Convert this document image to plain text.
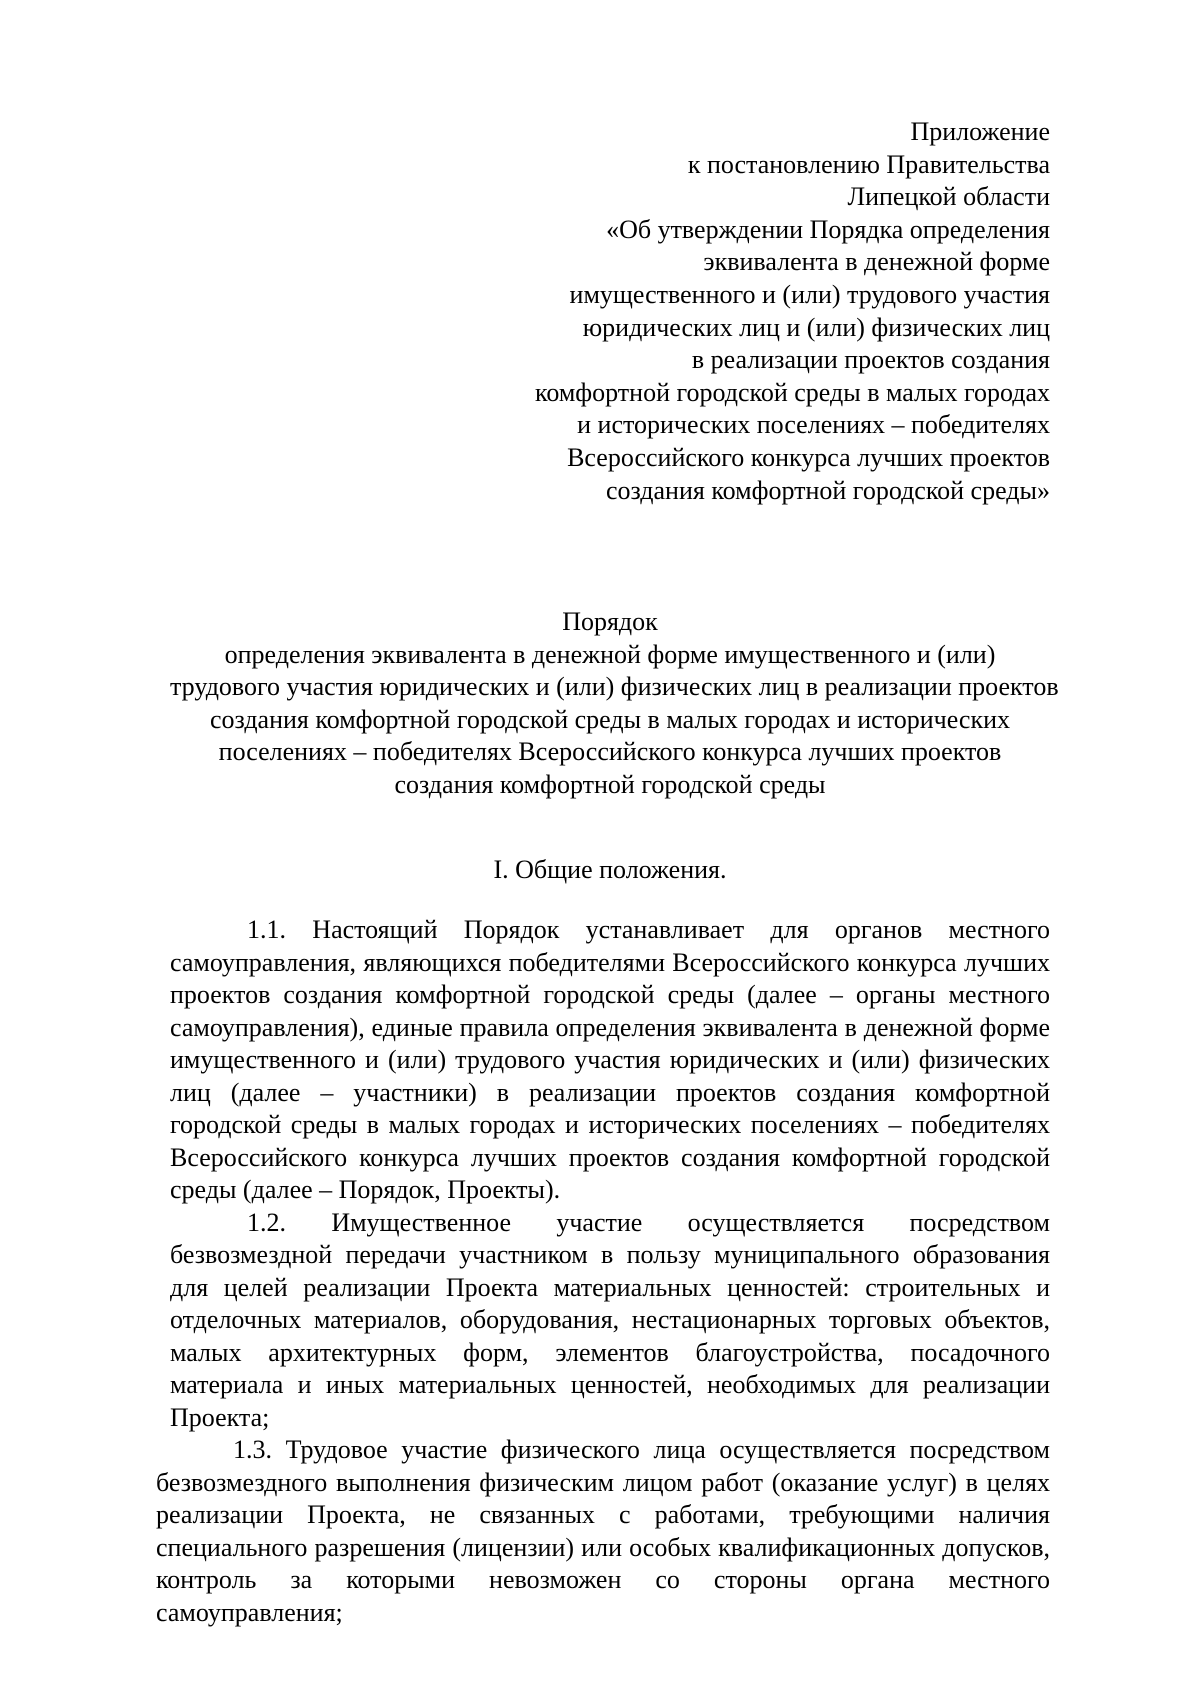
Приложение
к постановлению Правительства
Липецкой области
«Об утверждении Порядка определения
эквивалента в денежной форме
имущественного и (или) трудового участия
юридических лиц и (или) физических лиц
в реализации проектов создания
комфортной городской среды в малых городах
и исторических поселениях – победителях
Всероссийского конкурса лучших проектов
создания комфортной городской среды»
Порядок
определения эквивалента в денежной форме имущественного и (или)
трудового участия юридических и (или) физических лиц в реализации проектов
создания комфортной городской среды в малых городах и исторических
поселениях – победителях Всероссийского конкурса лучших проектов
создания комфортной городской среды
I. Общие положения.

1.1. Настоящий Порядок устанавливает для органов местного самоуправления, являющихся победителями Всероссийского конкурса лучших проектов создания комфортной городской среды (далее – органы местного самоуправления), единые правила определения эквивалента в денежной форме имущественного и (или) трудового участия юридических и (или) физических лиц (далее – участники) в реализации проектов создания комфортной городской среды в малых городах и исторических поселениях – победителях Всероссийского конкурса лучших проектов создания комфортной городской среды (далее – Порядок, Проекты).

1.2. Имущественное участие осуществляется посредством безвозмездной передачи участником в пользу муниципального образования для целей реализации Проекта материальных ценностей: строительных и отделочных материалов, оборудования, нестационарных торговых объектов, малых архитектурных форм, элементов благоустройства, посадочного материала и иных материальных ценностей, необходимых для реализации Проекта;

1.3. Трудовое участие физического лица осуществляется посредством безвозмездного выполнения физическим лицом работ (оказание услуг) в целях реализации Проекта, не связанных с работами, требующими наличия специального разрешения (лицензии) или особых квалификационных допусков, контроль за которыми невозможен со стороны органа местного самоуправления;
